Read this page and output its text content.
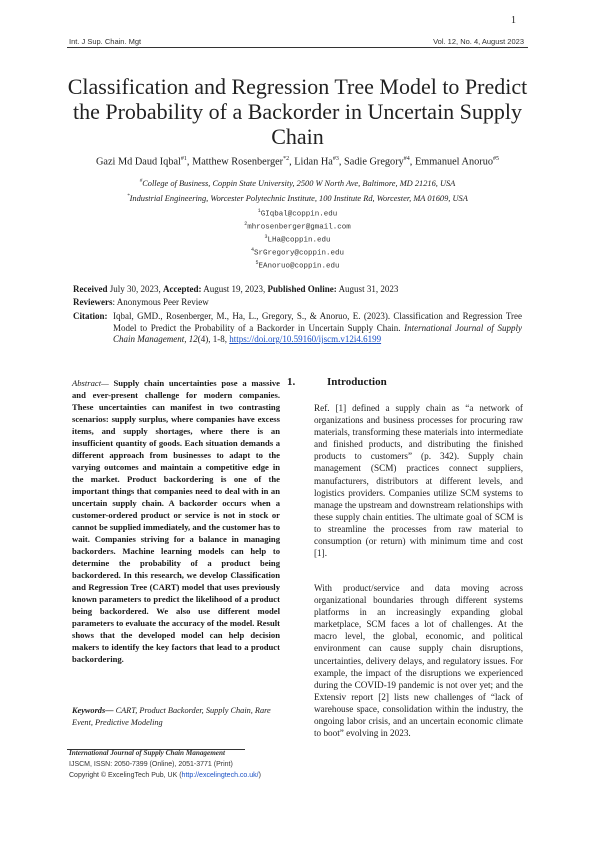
1
Int. J Sup. Chain. Mgt	Vol. 12, No. 4, August 2023
Classification and Regression Tree Model to Predict the Probability of a Backorder in Uncertain Supply Chain
Gazi Md Daud Iqbal$^{\#1}$, Matthew Rosenberger$^{*2}$, Lidan Ha$^{\#3}$, Sadie Gregory$^{\#4}$, Emmanuel Anoruo$^{\#5}$
#College of Business, Coppin State University, 2500 W North Ave, Baltimore, MD 21216, USA
*Industrial Engineering, Worcester Polytechnic Institute, 100 Institute Rd, Worcester, MA 01609, USA
$^1$GIqbal@coppin.edu
$^2$mhrosenberger@gmail.com
$^3$LHa@coppin.edu
$^4$SrGregory@coppin.edu
$^5$EAnoruo@coppin.edu
Received July 30, 2023, Accepted: August 19, 2023, Published Online: August 31, 2023
Reviewers: Anonymous Peer Review
Citation: Iqbal, GMD., Rosenberger, M., Ha, L., Gregory, S., & Anoruo, E. (2023). Classification and Regression Tree Model to Predict the Probability of a Backorder in Uncertain Supply Chain. International Journal of Supply Chain Management, 12(4), 1-8, https://doi.org/10.59160/ijscm.v12i4.6199
Abstract— Supply chain uncertainties pose a massive and ever-present challenge for modern companies. These uncertainties can manifest in two contrasting scenarios: supply surplus, where companies have excess items, and supply shortages, where there is an insufficient quantity of goods. Each situation demands a different approach from businesses to adapt to the varying outcomes and maintain a competitive edge in the market. Product backordering is one of the important things that companies need to deal with in an uncertain supply chain. A backorder occurs when a customer-ordered product or service is not in stock or cannot be supplied immediately, and the customer has to wait. Companies striving for a balance in managing backorders. Machine learning models can help to determine the probability of a product being backordered. In this research, we develop Classification and Regression Tree (CART) model that uses previously known parameters to predict the likelihood of a product being backordered. We also use different model parameters to evaluate the accuracy of the model. Result shows that the developed model can help decision makers to identify the key factors that lead to a product backordering.
Keywords— CART, Product Backorder, Supply Chain, Rare Event, Predictive Modeling
1.	Introduction
Ref. [1] defined a supply chain as “a network of organizations and business processes for procuring raw materials, transforming these materials into intermediate and finished products, and distributing the finished products to customers” (p. 342). Supply chain management (SCM) practices connect suppliers, manufacturers, distributors at different levels, and logistics providers. Companies utilize SCM systems to manage the upstream and downstream relationships with these supply chain entities. The ultimate goal of SCM is to streamline the processes from raw material to consumption (or return) with minimum time and cost [1].
With product/service and data moving across organizational boundaries through different systems platforms in an increasingly expanding global marketplace, SCM faces a lot of challenges. At the macro level, the global, economic, and political environment can cause supply chain disruptions, uncertainties, delivery delays, and regulatory issues. For example, the impact of the disruptions we experienced during the COVID-19 pandemic is not over yet; and the Extensiv report [2] lists new challenges of “lack of warehouse space, consolidation within the industry, the ongoing labor crisis, and an uncertain economic climate to boot” evolving in 2023.
International Journal of Supply Chain Management
IJSCM, ISSN: 2050-7399 (Online), 2051-3771 (Print)
Copyright © ExcelingTech Pub, UK (http://excelingtech.co.uk/)
